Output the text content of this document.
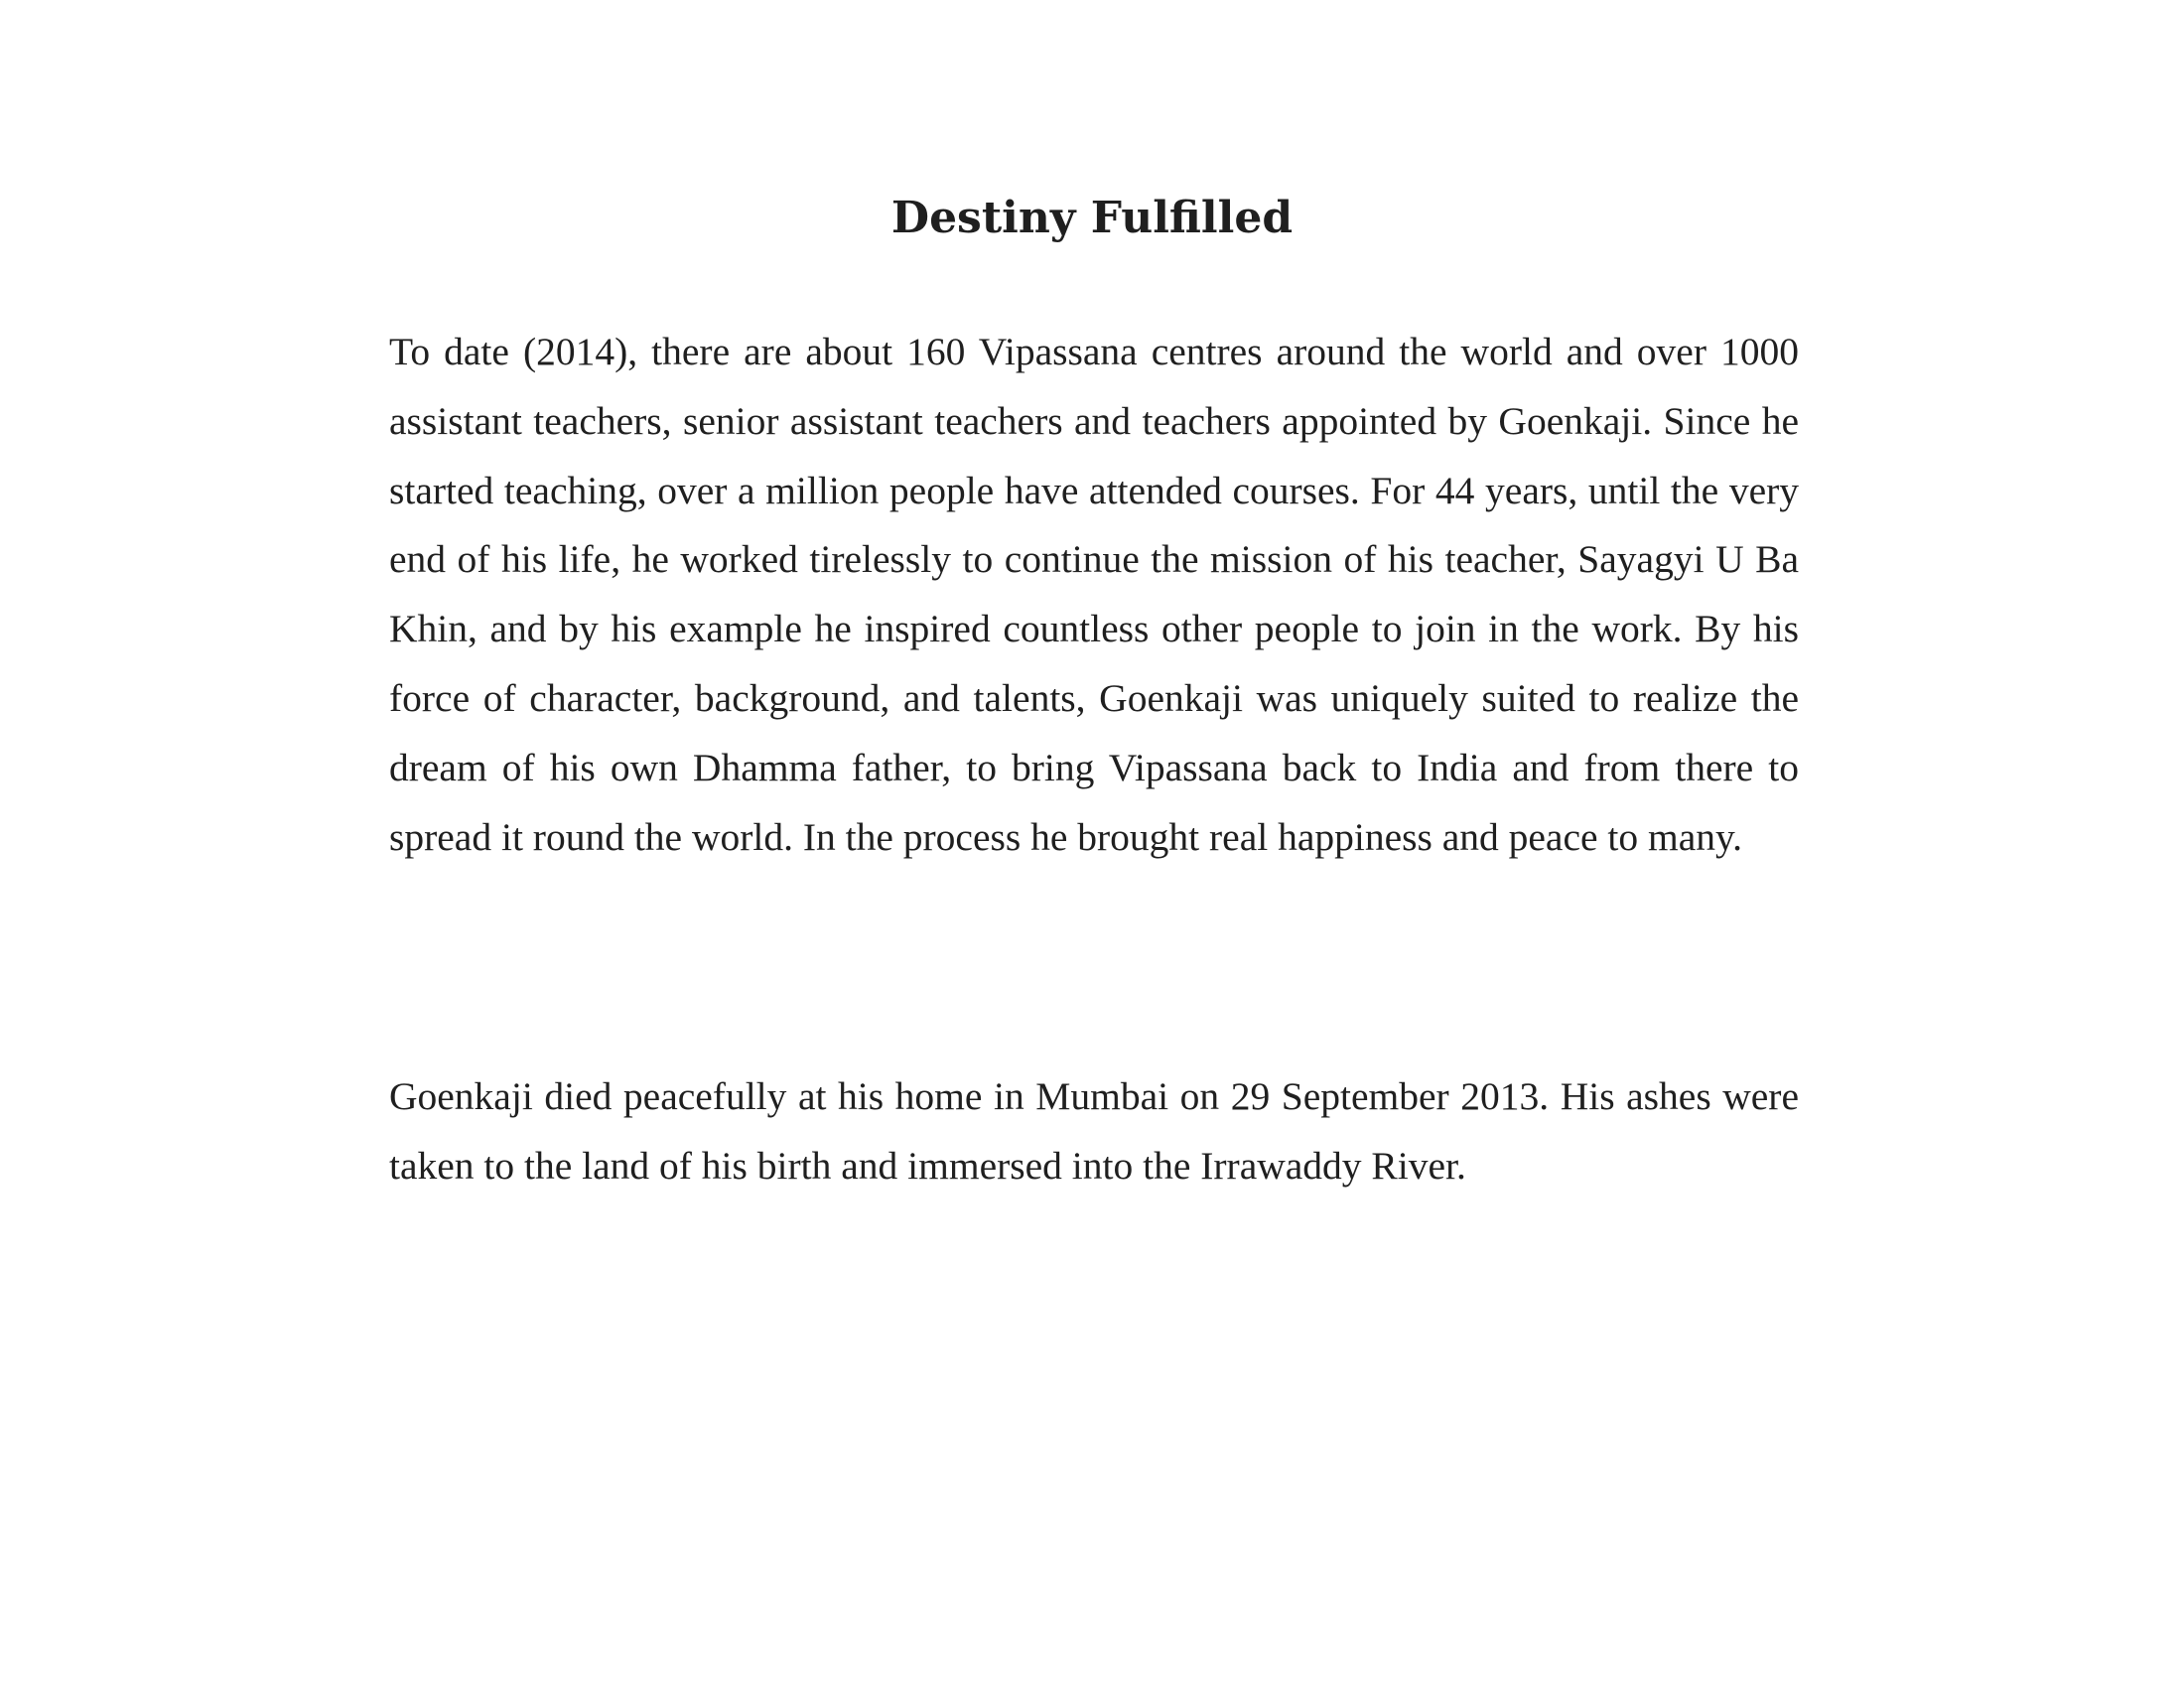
Destiny Fulfilled

To date (2014), there are about 160 Vipassana centres around the world and over 1000 assistant teachers, senior assistant teachers and teachers appointed by Goenkaji. Since he started teaching, over a million people have attended courses. For 44 years, until the very end of his life, he worked tirelessly to continue the mission of his teacher, Sayagyi U Ba Khin, and by his example he inspired countless other people to join in the work. By his force of character, background, and talents, Goenkaji was uniquely suited to realize the dream of his own Dhamma father, to bring Vipassana back to India and from there to spread it round the world. In the process he brought real happiness and peace to many.

Goenkaji died peacefully at his home in Mumbai on 29 September 2013. His ashes were taken to the land of his birth and immersed into the Irrawaddy River.
